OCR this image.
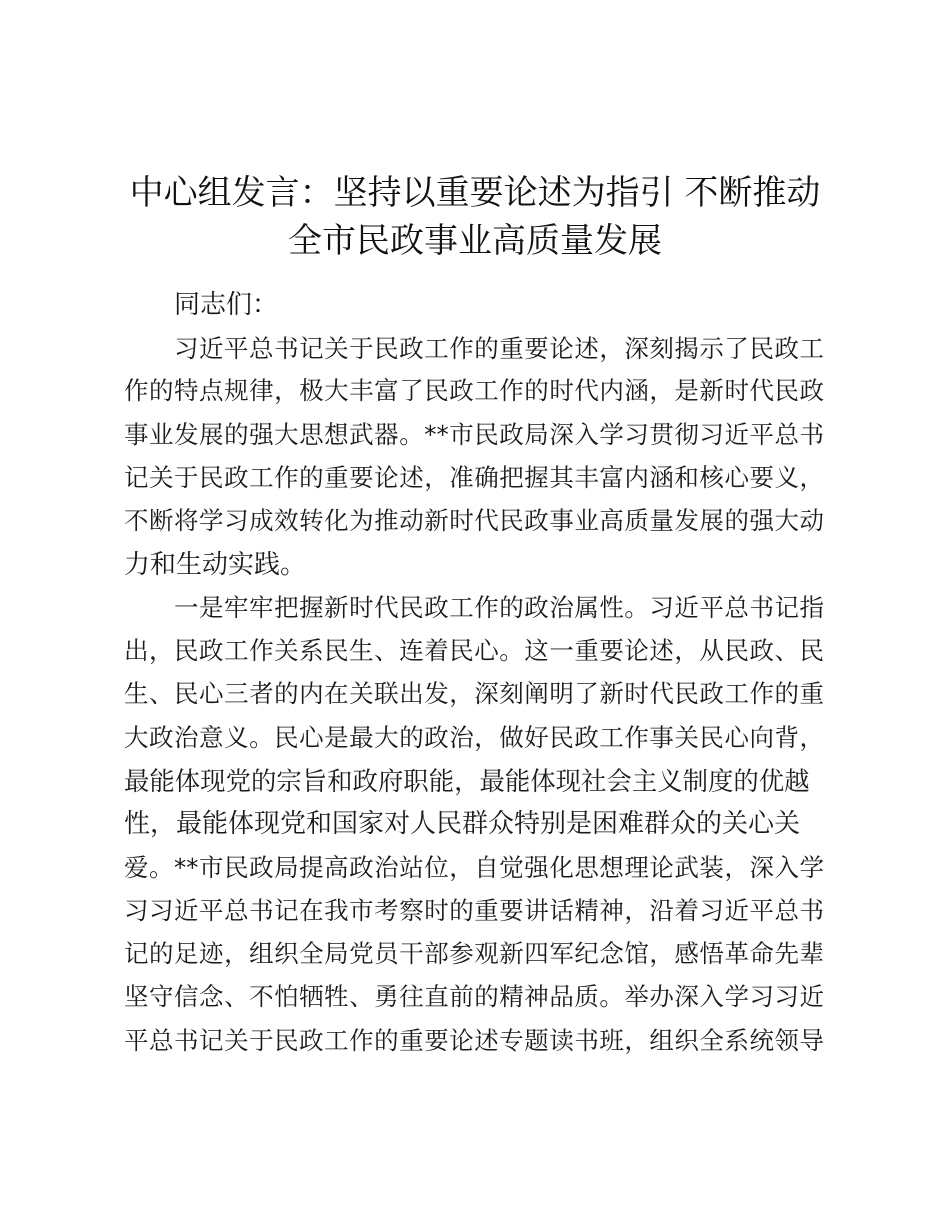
中心组发言：坚持以重要论述为指引 不断推动
全市民政事业高质量发展
同志们：
习近平总书记关于民政工作的重要论述，深刻揭示了民政工
作的特点规律，极大丰富了民政工作的时代内涵，是新时代民政
事业发展的强大思想武器。**市民政局深入学习贯彻习近平总书
记关于民政工作的重要论述，准确把握其丰富内涵和核心要义，
不断将学习成效转化为推动新时代民政事业高质量发展的强大动
力和生动实践。
一是牢牢把握新时代民政工作的政治属性。习近平总书记指
出，民政工作关系民生、连着民心。这一重要论述，从民政、民
生、民心三者的内在关联出发，深刻阐明了新时代民政工作的重
大政治意义。民心是最大的政治，做好民政工作事关民心向背，
最能体现党的宗旨和政府职能，最能体现社会主义制度的优越
性，最能体现党和国家对人民群众特别是困难群众的关心关
爱。**市民政局提高政治站位，自觉强化思想理论武装，深入学
习习近平总书记在我市考察时的重要讲话精神，沿着习近平总书
记的足迹，组织全局党员干部参观新四军纪念馆，感悟革命先辈
坚守信念、不怕牺牲、勇往直前的精神品质。举办深入学习习近
平总书记关于民政工作的重要论述专题读书班，组织全系统领导
